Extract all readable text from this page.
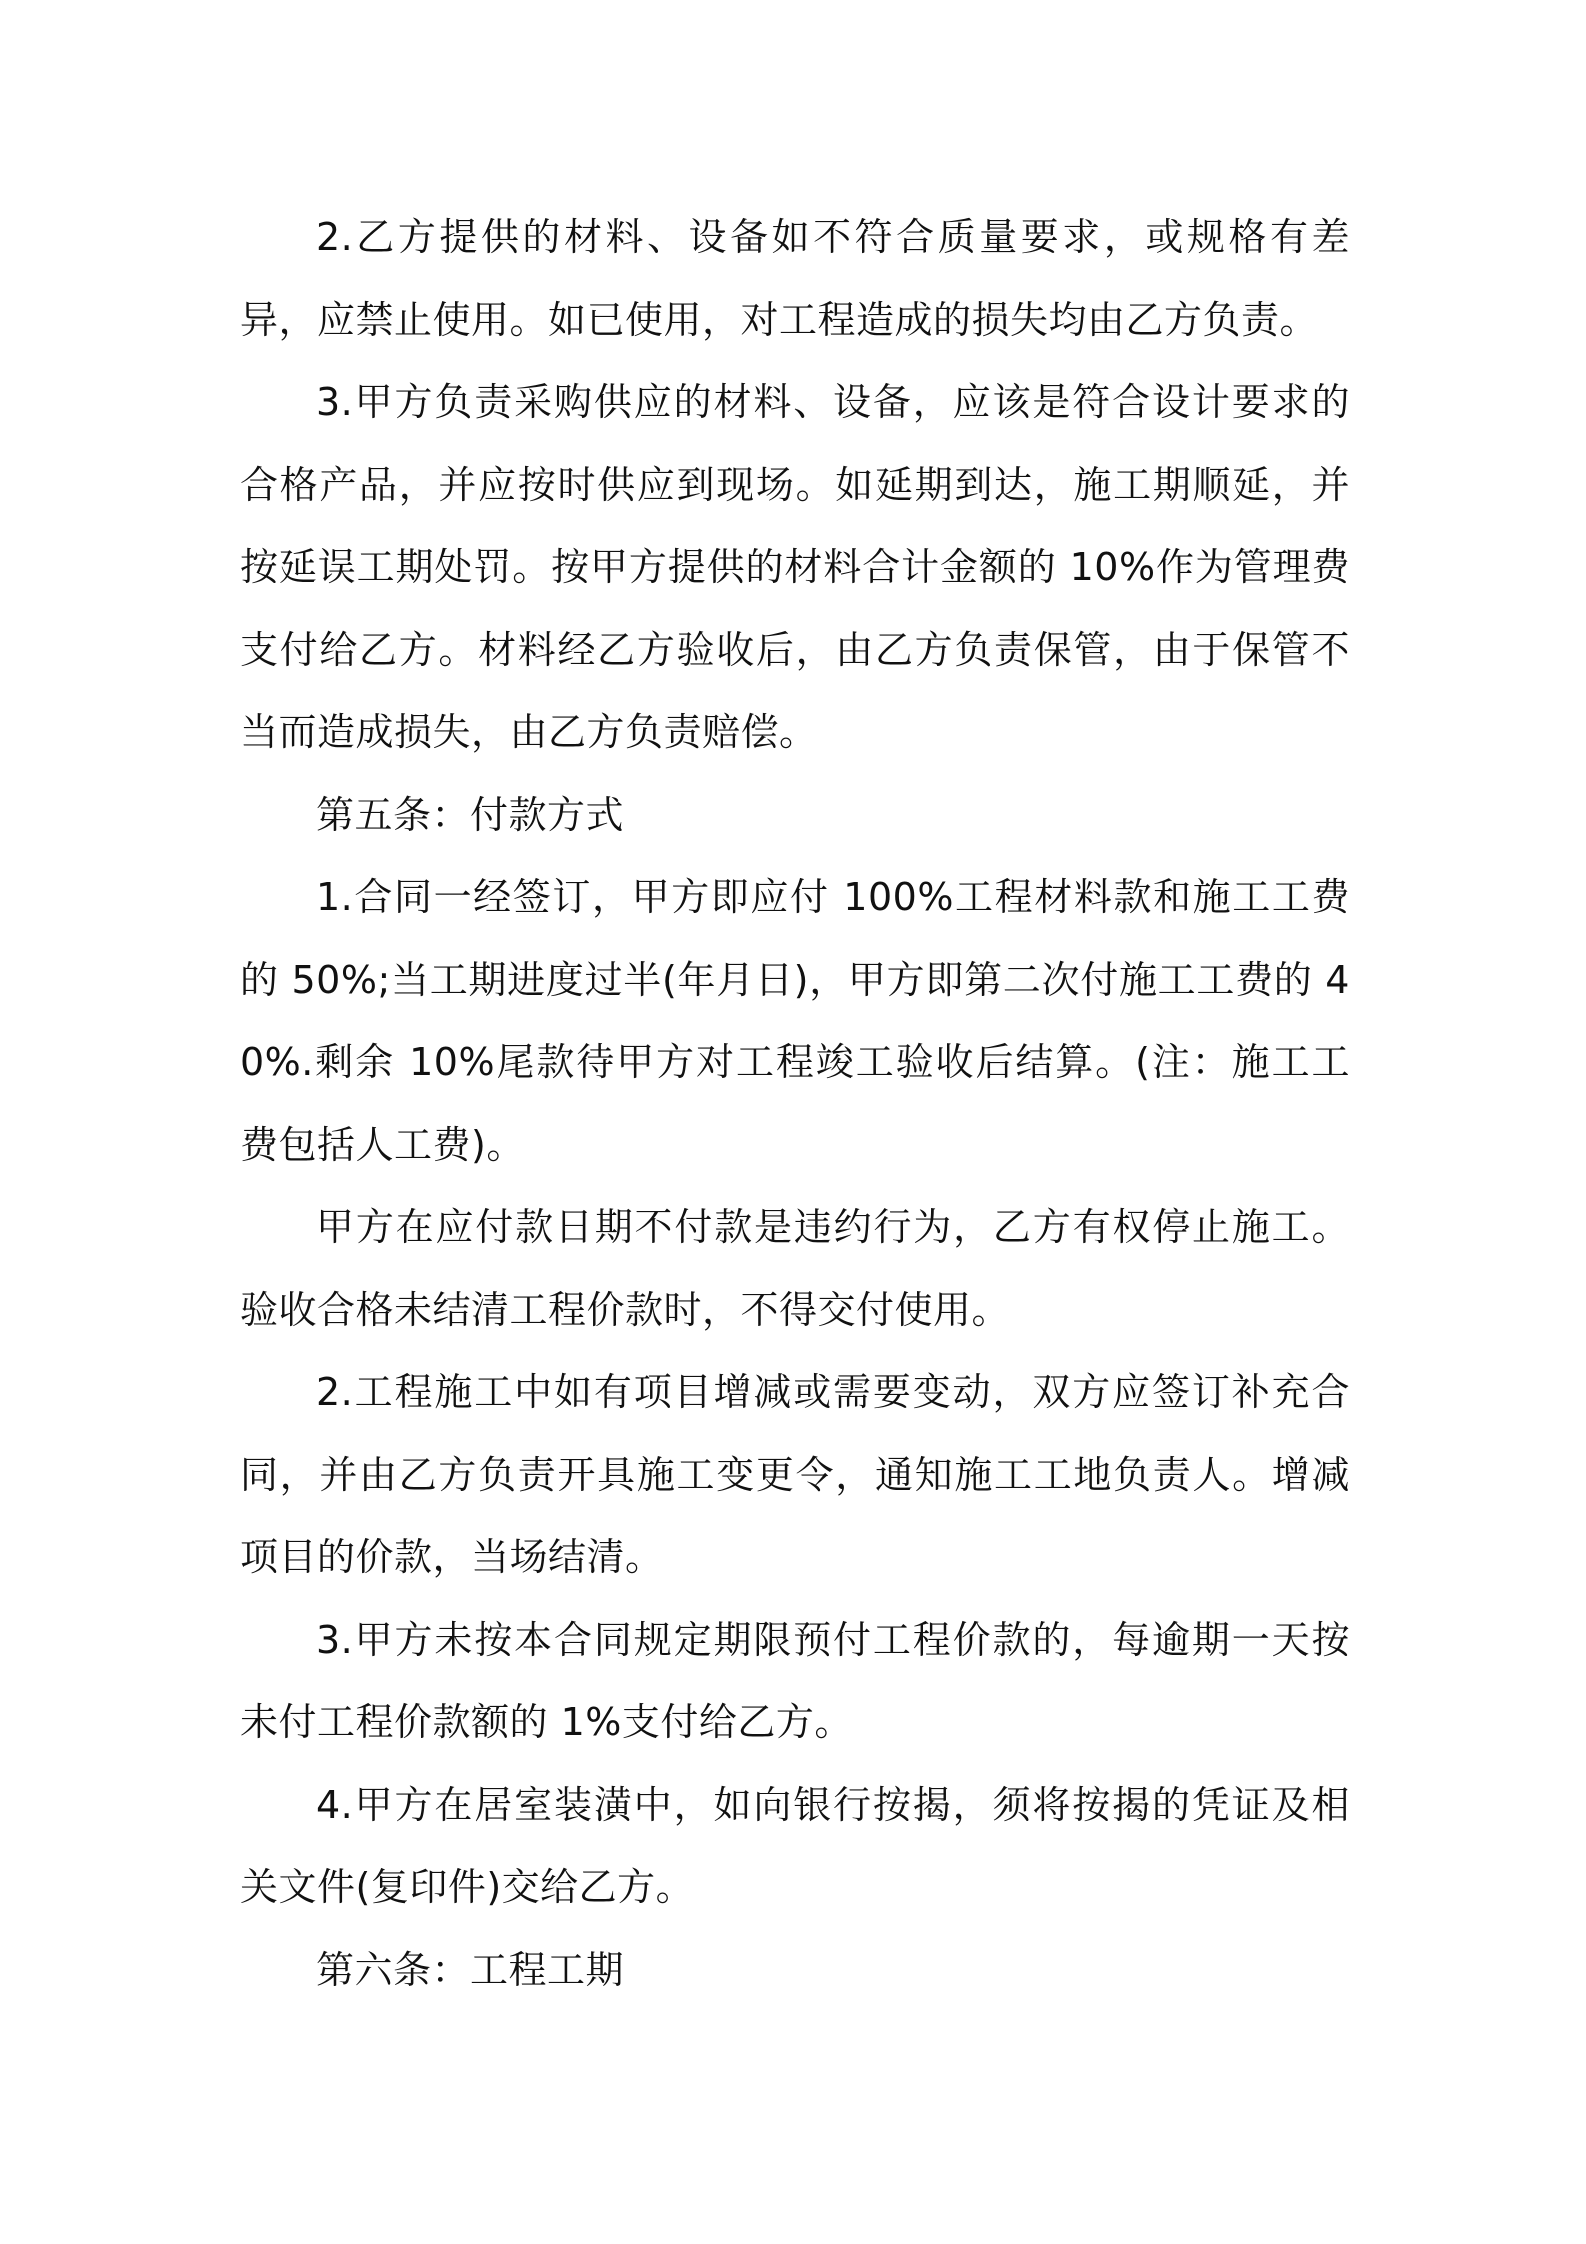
2.乙方提供的材料、设备如不符合质量要求，或规格有差异，应禁止使用。如已使用，对工程造成的损失均由乙方负责。

3.甲方负责采购供应的材料、设备，应该是符合设计要求的合格产品，并应按时供应到现场。如延期到达，施工期顺延，并按延误工期处罚。按甲方提供的材料合计金额的 10%作为管理费支付给乙方。材料经乙方验收后，由乙方负责保管，由于保管不当而造成损失，由乙方负责赔偿。

第五条：付款方式

1.合同一经签订，甲方即应付 100%工程材料款和施工工费的 50%;当工期进度过半(年月日)，甲方即第二次付施工工费的 40%.剩余 10%尾款待甲方对工程竣工验收后结算。(注：施工工费包括人工费)。

甲方在应付款日期不付款是违约行为，乙方有权停止施工。验收合格未结清工程价款时，不得交付使用。

2.工程施工中如有项目增减或需要变动，双方应签订补充合同，并由乙方负责开具施工变更令，通知施工工地负责人。增减项目的价款，当场结清。

3.甲方未按本合同规定期限预付工程价款的，每逾期一天按未付工程价款额的 1%支付给乙方。

4.甲方在居室装潢中，如向银行按揭，须将按揭的凭证及相关文件(复印件)交给乙方。

第六条：工程工期
